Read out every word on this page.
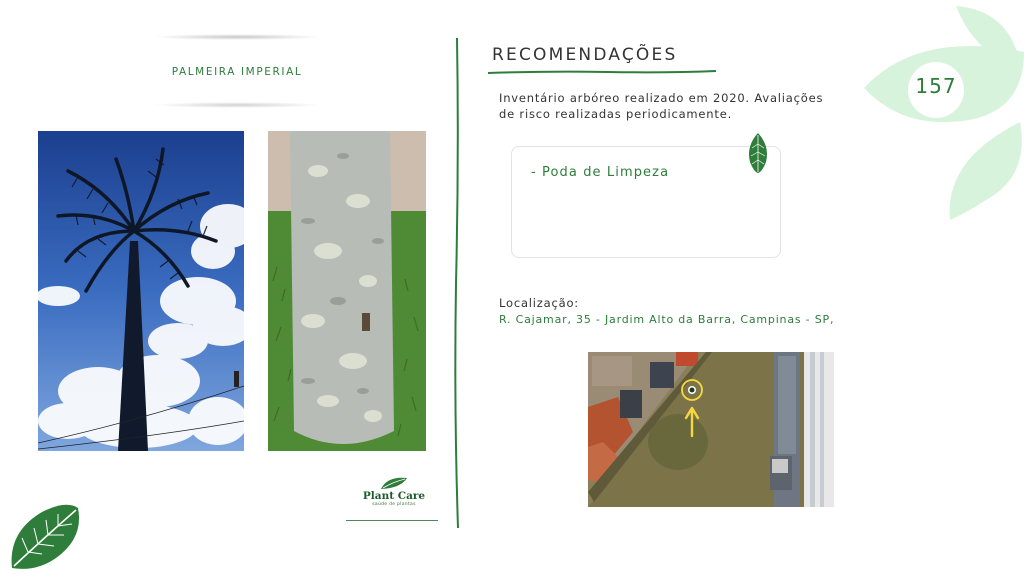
PALMEIRA IMPERIAL
Plant Care
saúde de plantas
RECOMENDAÇÕES
Inventário arbóreo realizado em 2020. Avaliações
de risco realizadas periodicamente.
- Poda de Limpeza
Localização:
R. Cajamar, 35 - Jardim Alto da Barra, Campinas - SP,
157
